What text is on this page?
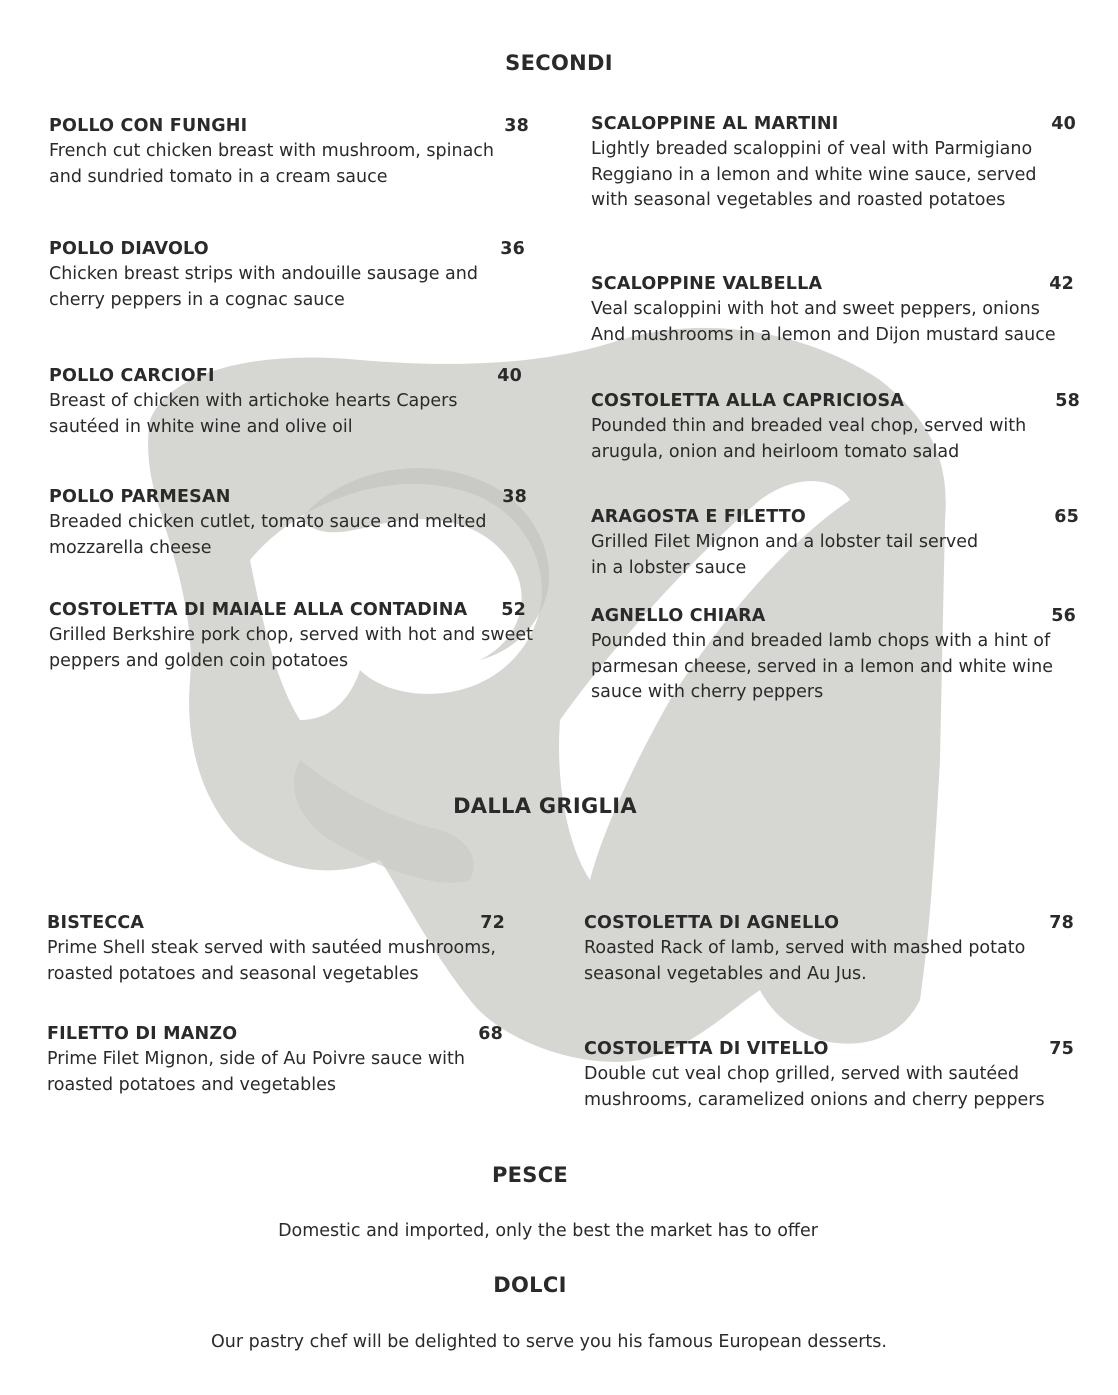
SECONDI
POLLO CON FUNGHI	38

French cut chicken breast with mushroom, spinach
and sundried tomato in a cream sauce

POLLO DIAVOLO	36

Chicken breast strips with andouille sausage and
cherry peppers in a cognac sauce

POLLO CARCIOFI	40

Breast of chicken with artichoke hearts Capers
sautéed in white wine and olive oil

POLLO PARMESAN	38

Breaded chicken cutlet, tomato sauce and melted
mozzarella cheese

COSTOLETTA DI MAIALE ALLA CONTADINA 52

Grilled Berkshire pork chop, served with hot and sweet peppers and golden coin potatoes

SCALOPPINE AL MARTINI	40

Lightly breaded scaloppini of veal with Parmigiano
Reggiano in a lemon and white wine sauce, served
with seasonal vegetables and roasted potatoes

SCALOPPINE VALBELLA	42

Veal scaloppini with hot and sweet peppers, onions
And mushrooms in a lemon and Dijon mustard sauce

COSTOLETTA ALLA CAPRICIOSA	58

Pounded thin and breaded veal chop, served with
arugula, onion and heirloom tomato salad

ARAGOSTA E FILETTO	65

Grilled Filet Mignon and a lobster tail served
in a lobster sauce

AGNELLO CHIARA	56

Pounded thin and breaded lamb chops with a hint of
parmesan cheese, served in a lemon and white wine
sauce with cherry peppers

DALLA GRIGLIA
BISTECCA	72

Prime Shell steak served with sautéed mushrooms,
roasted potatoes and seasonal vegetables

FILETTO DI MANZO	68

Prime Filet Mignon, side of Au Poivre sauce with
roasted potatoes and vegetables

COSTOLETTA DI AGNELLO	78

Roasted Rack of lamb, served with mashed potato
seasonal vegetables and Au Jus.

COSTOLETTA DI VITELLO	75

Double cut veal chop grilled, served with sautéed
mushrooms, caramelized onions and cherry peppers

PESCE
Domestic and imported, only the best the market has to offer
DOLCI
Our pastry chef will be delighted to serve you his famous European desserts.
